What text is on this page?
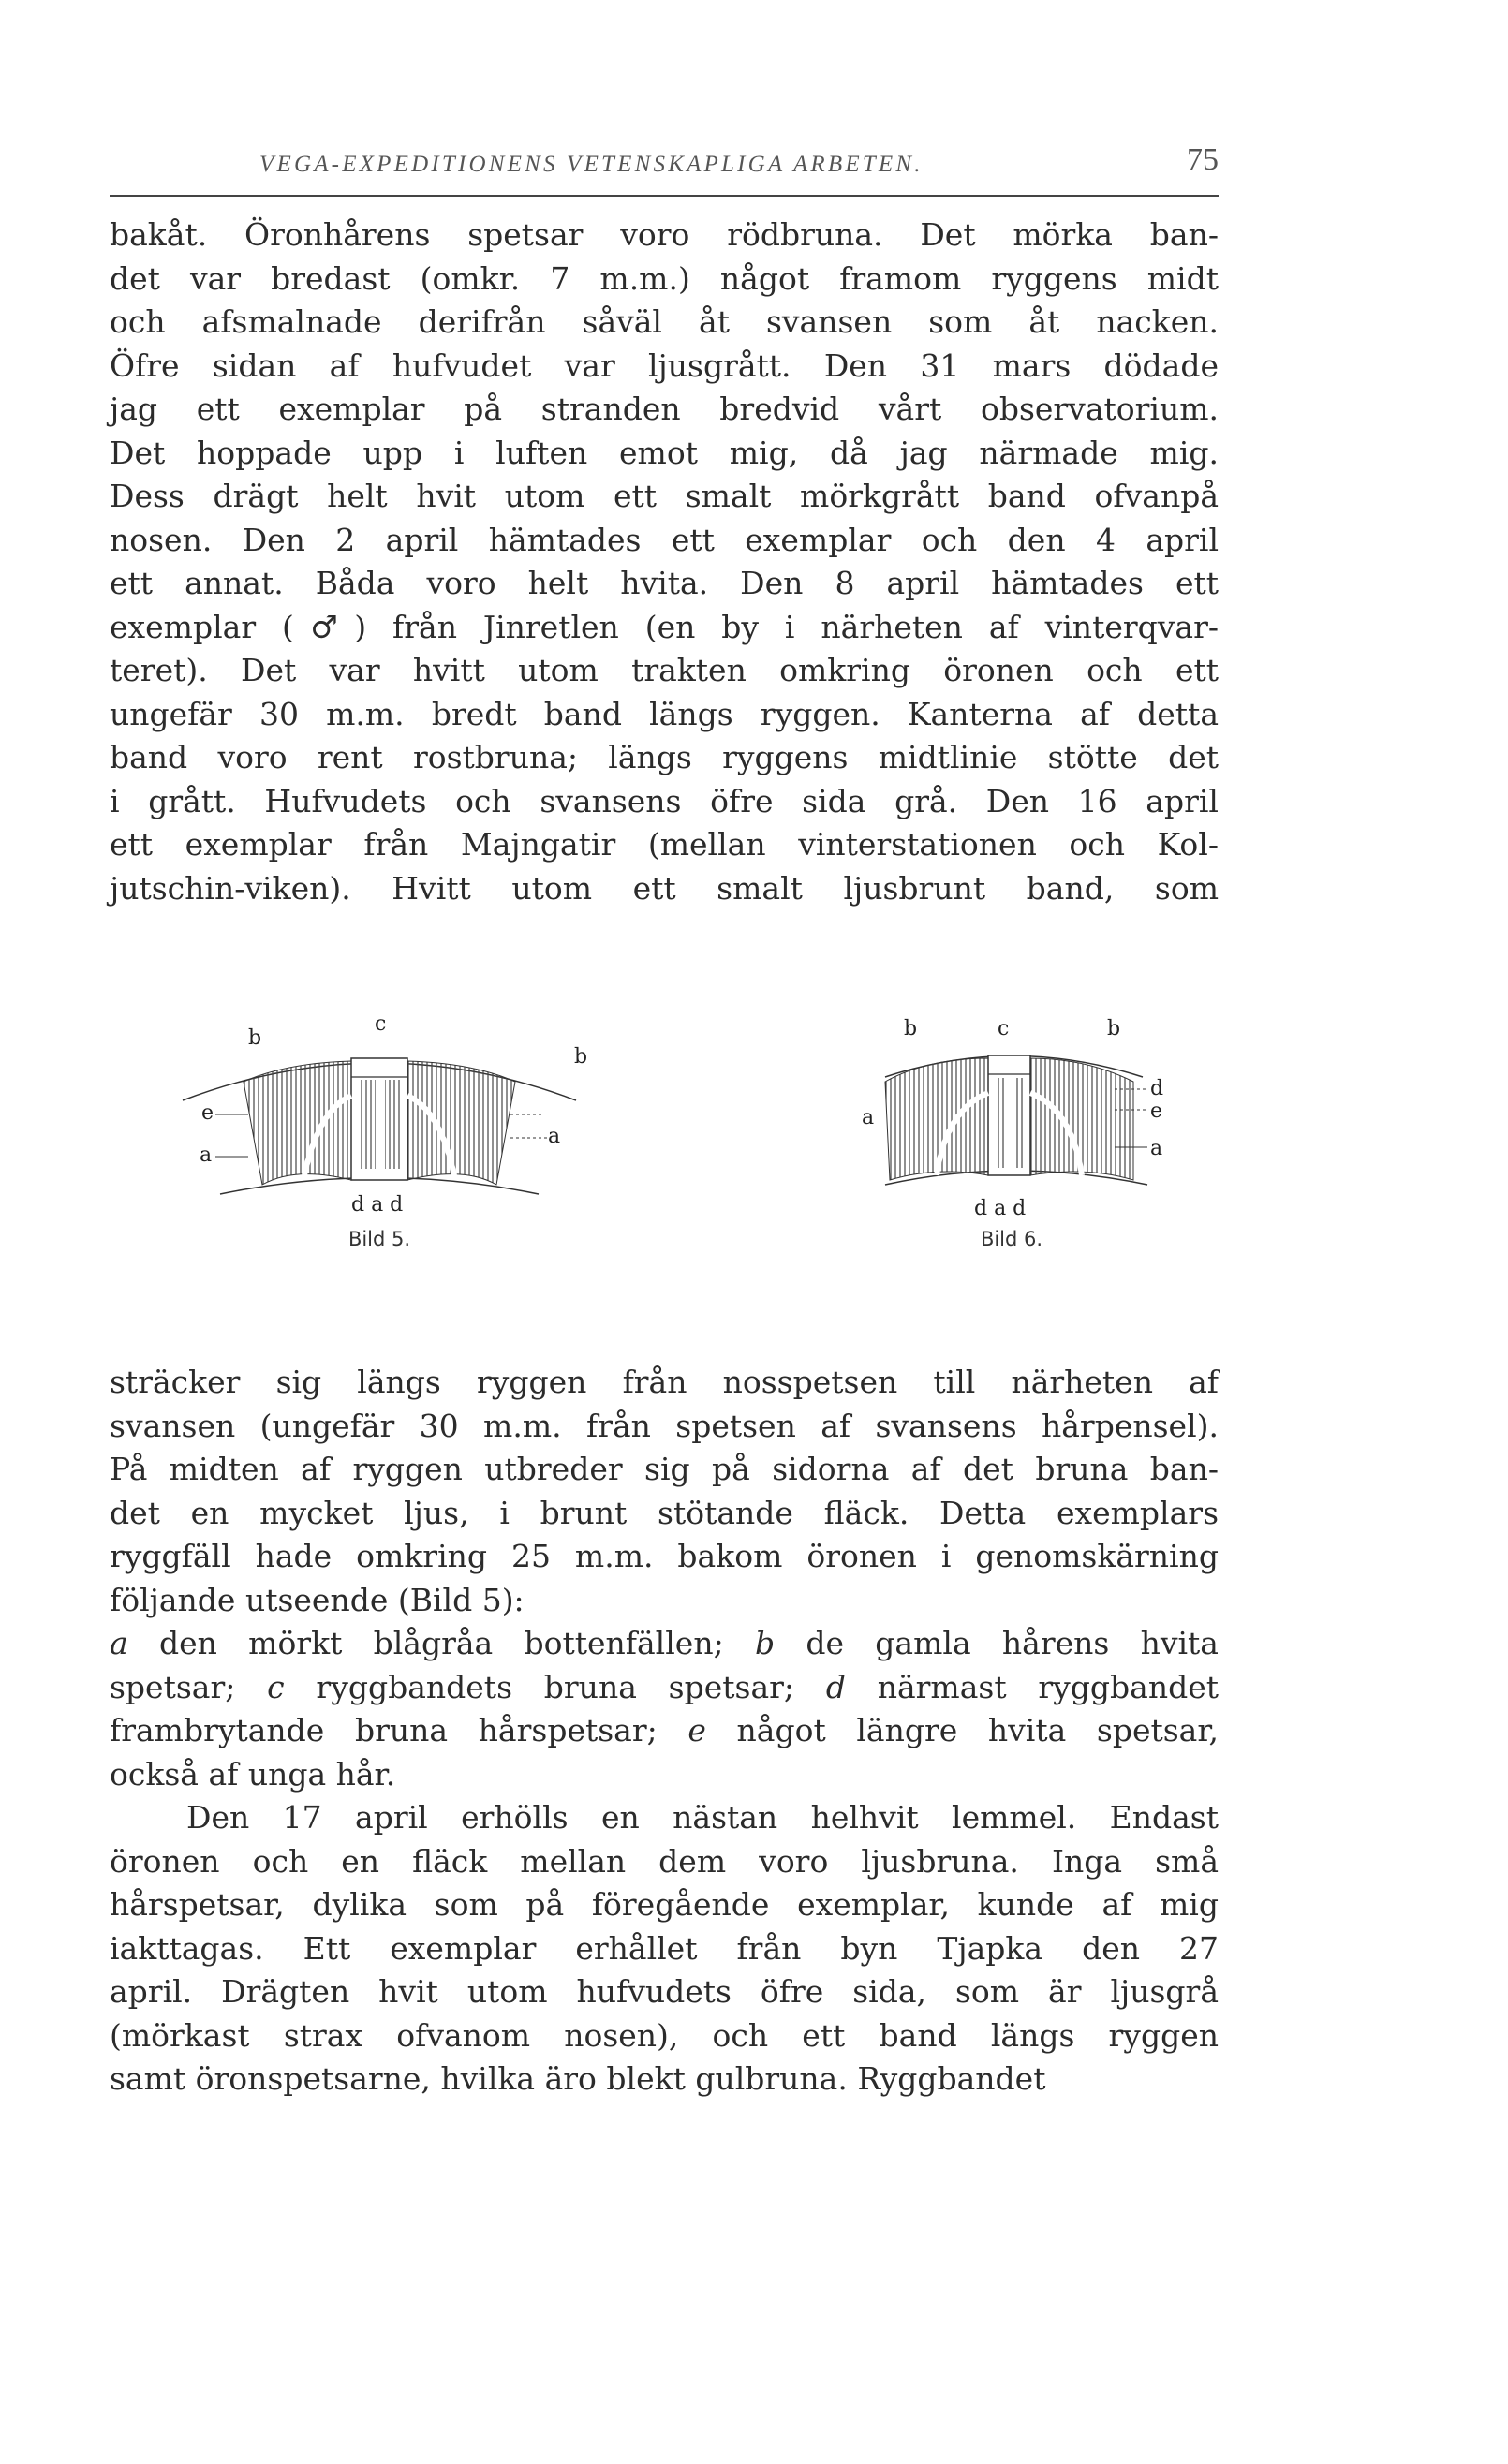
VEGA-EXPEDITIONENS VETENSKAPLIGA ARBETEN.	75
bakåt. Öronhårens spetsar voro rödbruna. Det mörka ban-
det var bredast (omkr. 7 m.m.) något framom ryggens midt
och afsmalnade derifrån såväl åt svansen som åt nacken.
Öfre sidan af hufvudet var ljusgrått. Den 31 mars dödade
jag ett exemplar på stranden bredvid vårt observatorium.
Det hoppade upp i luften emot mig, då jag närmade mig.
Dess drägt helt hvit utom ett smalt mörkgrått band ofvanpå
nosen. Den 2 april hämtades ett exemplar och den 4 april
ett annat. Båda voro helt hvita. Den 8 april hämtades ett
exemplar (♂) från Jinretlen (en by i närheten af vinterqvar-
teret). Det var hvitt utom trakten omkring öronen och ett
ungefär 30 m.m. bredt band längs ryggen. Kanterna af detta
band voro rent rostbruna; längs ryggens midtlinie stötte det
i grått. Hufvudets och svansens öfre sida grå. Den 16 april
ett exemplar från Majngatir (mellan vinterstationen och Kol-
jutschin-viken). Hvitt utom ett smalt ljusbrunt band, som
b
c
b
e
a
a
d a d
Bild 5.
b	c	b
d
e
a
a
d a d
Bild 6.
sträcker sig längs ryggen från nosspetsen till närheten af
svansen (ungefär 30 m.m. från spetsen af svansens hårpensel).
På midten af ryggen utbreder sig på sidorna af det bruna ban-
det en mycket ljus, i brunt stötande fläck. Detta exemplars
ryggfäll hade omkring 25 m.m. bakom öronen i genomskärning
följande utseende (Bild 5):
a den mörkt blågråa bottenfällen; b de gamla hårens hvita
spetsar; c ryggbandets bruna spetsar; d närmast ryggbandet
frambrytande bruna hårspetsar; e något längre hvita spetsar,
också af unga hår.
Den 17 april erhölls en nästan helhvit lemmel. Endast
öronen och en fläck mellan dem voro ljusbruna. Inga små
hårspetsar, dylika som på föregående exemplar, kunde af mig
iakttagas. Ett exemplar erhållet från byn Tjapka den 27
april. Drägten hvit utom hufvudets öfre sida, som är ljusgrå
(mörkast strax ofvanom nosen), och ett band längs ryggen
samt öronspetsarne, hvilka äro blekt gulbruna. Ryggbandet
